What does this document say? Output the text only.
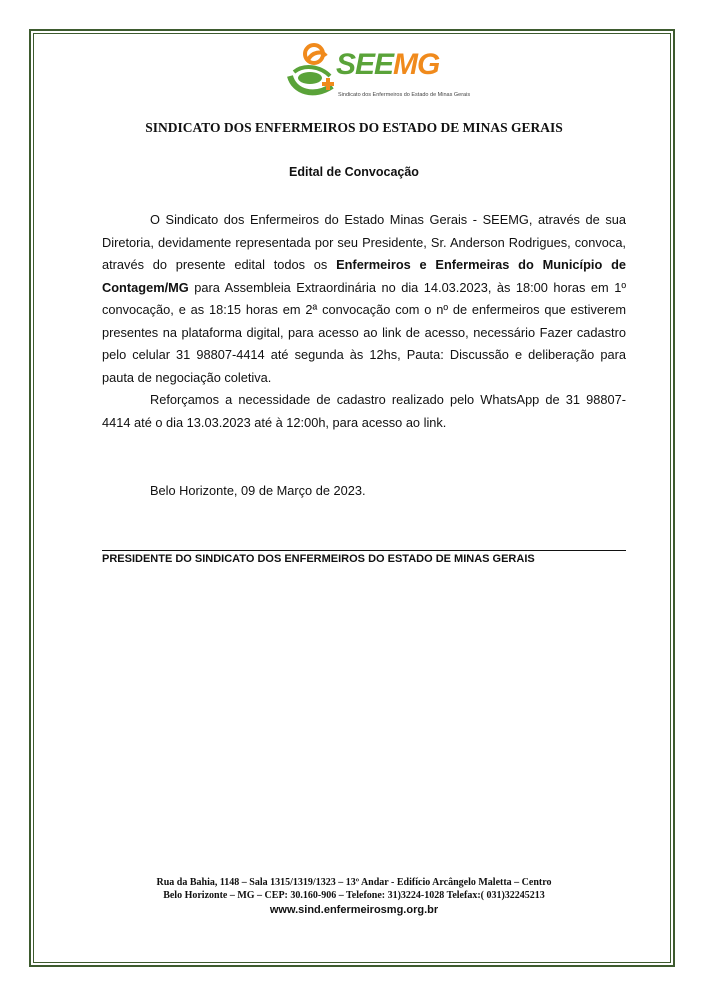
SEEMG
Sindicato dos Enfermeiros do Estado de Minas Gerais
SINDICATO DOS ENFERMEIROS DO ESTADO DE MINAS GERAIS
Edital de Convocação

O Sindicato dos Enfermeiros do Estado Minas Gerais - SEEMG, através de sua Diretoria, devidamente representada por seu Presidente, Sr. Anderson Rodrigues, convoca, através do presente edital todos os Enfermeiros e Enfermeiras do Município de Contagem/MG para Assembleia Extraordinária no dia 14.03.2023, às 18:00 horas em 1º convocação, e as 18:15 horas em 2ª convocação com o nº de enfermeiros que estiverem presentes na plataforma digital, para acesso ao link de acesso, necessário Fazer cadastro pelo celular 31 98807-4414 até segunda às 12hs, Pauta: Discussão e deliberação para pauta de negociação coletiva.

Reforçamos a necessidade de cadastro realizado pelo WhatsApp de 31 98807-4414 até o dia 13.03.2023 até à 12:00h, para acesso ao link.

Belo Horizonte, 09 de Março de 2023.
PRESIDENTE DO SINDICATO DOS ENFERMEIROS DO ESTADO DE MINAS GERAIS
Rua da Bahia, 1148 – Sala 1315/1319/1323 – 13º Andar - Edifício Arcângelo Maletta – Centro
Belo Horizonte – MG – CEP: 30.160-906 – Telefone: 31)3224-1028 Telefax:( 031)32245213
www.sind.enfermeirosmg.org.br
